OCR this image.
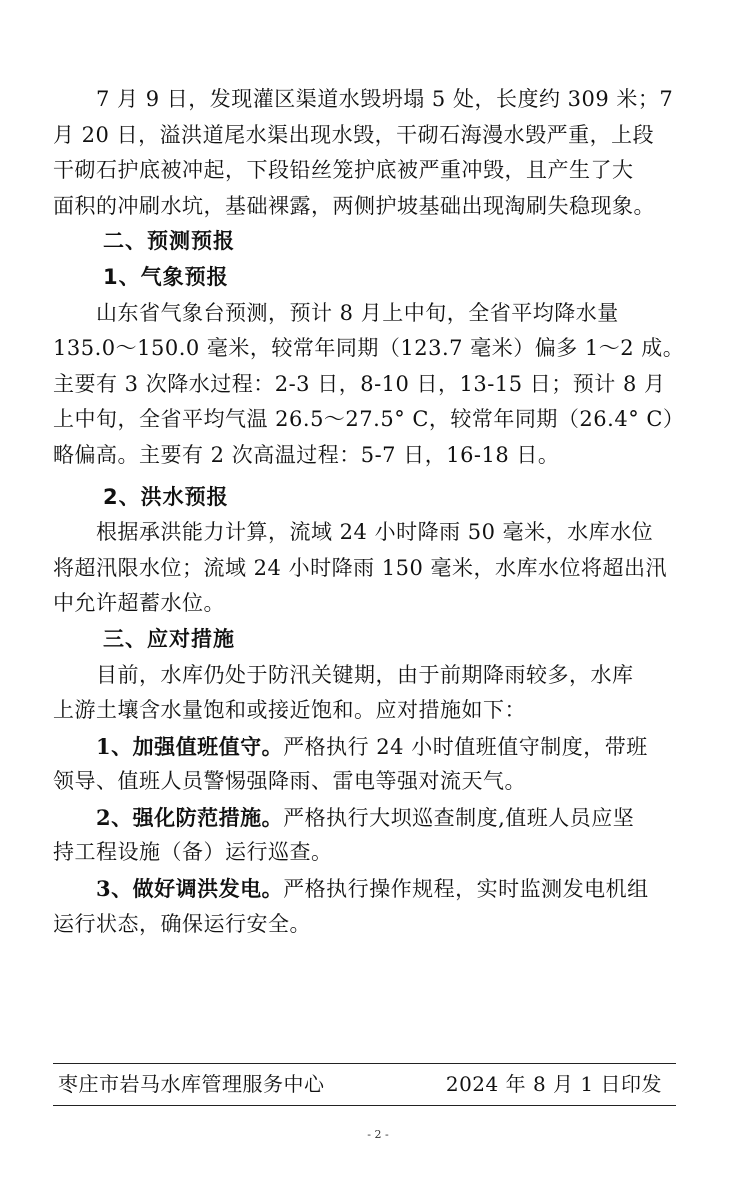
7 月 9 日，发现灌区渠道水毁坍塌 5 处，长度约 309 米；7
月 20 日，溢洪道尾水渠出现水毁，干砌石海漫水毁严重，上段
干砌石护底被冲起，下段铅丝笼护底被严重冲毁，且产生了大
面积的冲刷水坑，基础裸露，两侧护坡基础出现淘刷失稳现象。
二、预测预报
1、气象预报
山东省气象台预测，预计 8 月上中旬，全省平均降水量
135.0～150.0 毫米，较常年同期（123.7 毫米）偏多 1～2 成。
主要有 3 次降水过程：2-3 日，8-10 日，13-15 日；预计 8 月
上中旬，全省平均气温 26.5～27.5° C，较常年同期（26.4° C）
略偏高。主要有 2 次高温过程：5-7 日，16-18 日。
2、洪水预报
根据承洪能力计算，流域 24 小时降雨 50 毫米，水库水位
将超汛限水位；流域 24 小时降雨 150 毫米，水库水位将超出汛
中允许超蓄水位。
三、应对措施
目前，水库仍处于防汛关键期，由于前期降雨较多，水库
上游土壤含水量饱和或接近饱和。应对措施如下：
1、加强值班值守。严格执行 24 小时值班值守制度，带班
领导、值班人员警惕强降雨、雷电等强对流天气。
2、强化防范措施。严格执行大坝巡查制度,值班人员应坚
持工程设施（备）运行巡查。
3、做好调洪发电。严格执行操作规程，实时监测发电机组
运行状态，确保运行安全。
枣庄市岩马水库管理服务中心	2024 年 8 月 1 日印发
- 2 -
